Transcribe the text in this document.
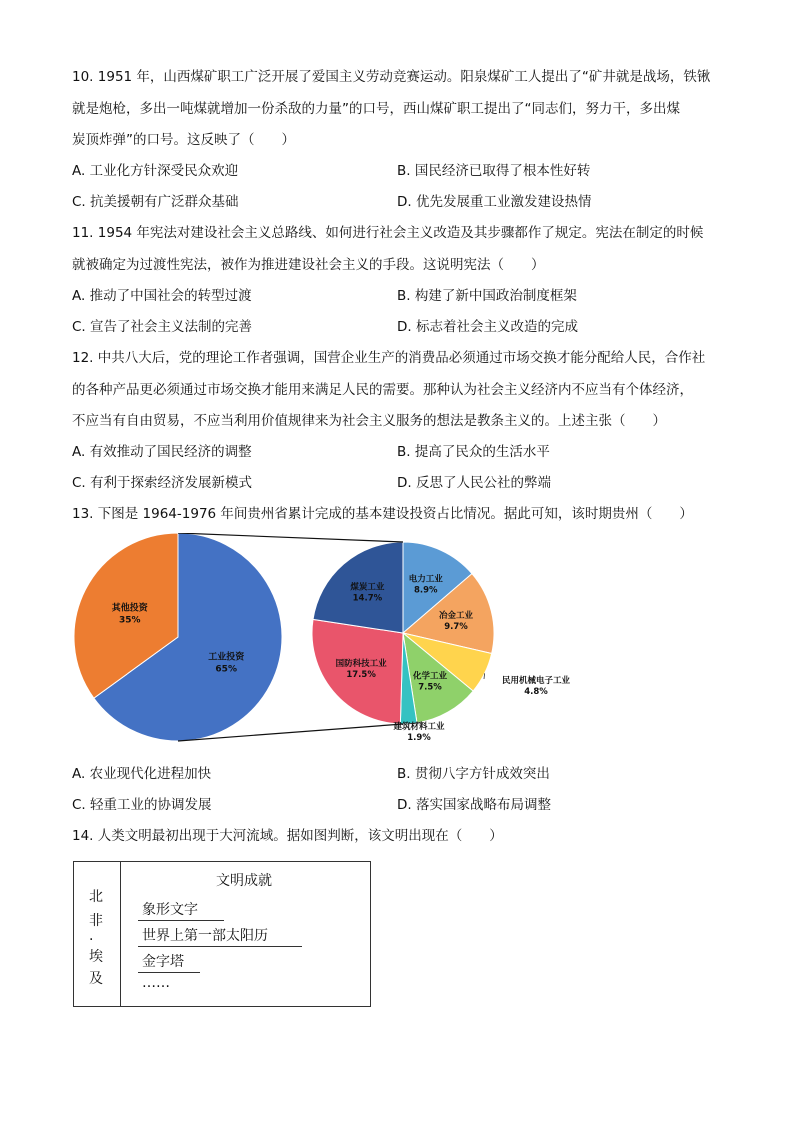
10. 1951 年，山西煤矿职工广泛开展了爱国主义劳动竞赛运动。阳泉煤矿工人提出了“矿井就是战场，铁锹
就是炮枪，多出一吨煤就增加一份杀敌的力量”的口号，西山煤矿职工提出了“同志们，努力干，多出煤
炭顶炸弹”的口号。这反映了（　　）
A. 工业化方针深受民众欢迎	B. 国民经济已取得了根本性好转
C. 抗美援朝有广泛群众基础	D. 优先发展重工业激发建设热情
11. 1954 年宪法对建设社会主义总路线、如何进行社会主义改造及其步骤都作了规定。宪法在制定的时候
就被确定为过渡性宪法，被作为推进建设社会主义的手段。这说明宪法（　　）
A. 推动了中国社会的转型过渡	B. 构建了新中国政治制度框架
C. 宣告了社会主义法制的完善	D. 标志着社会主义改造的完成
12. 中共八大后，党的理论工作者强调，国营企业生产的消费品必须通过市场交换才能分配给人民，合作社
的各种产品更必须通过市场交换才能用来满足人民的需要。那种认为社会主义经济内不应当有个体经济，
不应当有自由贸易，不应当利用价值规律来为社会主义服务的想法是教条主义的。上述主张（　　）
A. 有效推动了国民经济的调整	B. 提高了民众的生活水平
C. 有利于探索经济发展新模式	D. 反思了人民公社的弊端
13. 下图是 1964-1976 年间贵州省累计完成的基本建设投资占比情况。据此可知，该时期贵州（　　）
工业投资
65%
其他投资
35%
电力工业
8.9%
冶金工业
9.7%
民用机械电子工业
4.8%
化学工业
7.5%
建筑材料工业
1.9%
国防科技工业
17.5%
煤炭工业
14.7%
A. 农业现代化进程加快	B. 贯彻八字方针成效突出
C. 轻重工业的协调发展	D. 落实国家战略布局调整
14. 人类文明最初出现于大河流域。据如图判断，该文明出现在（　　）
北
非
·
埃
及
文明成就
象形文字
世界上第一部太阳历
金字塔
……
